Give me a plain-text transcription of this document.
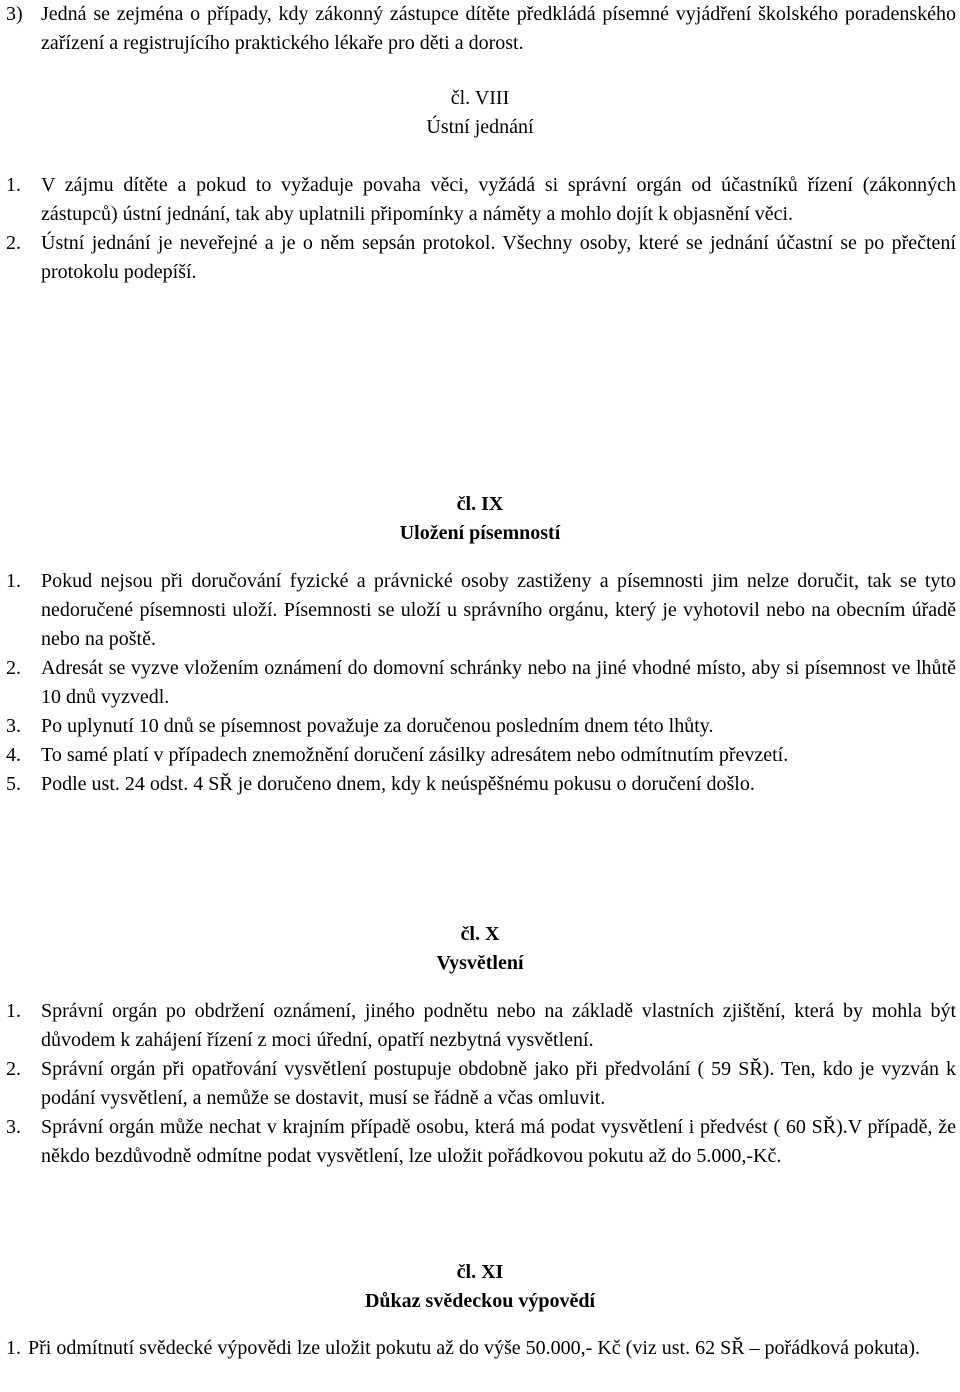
3) Jedná se zejména o případy, kdy zákonný zástupce dítěte předkládá písemné vyjádření školského poradenského zařízení a registrujícího praktického lékaře pro děti a dorost.
čl. VIII
Ústní jednání
1.	V zájmu dítěte a pokud to vyžaduje povaha věci, vyžádá si správní orgán od účastníků řízení (zákonných zástupců) ústní jednání, tak aby uplatnili připomínky a náměty a mohlo dojít k objasnění věci.
2.	Ústní jednání je neveřejné a je o něm sepsán protokol. Všechny osoby, které se jednání účastní se po přečtení protokolu podepíší.
čl. IX
Uložení písemností
1.	Pokud nejsou při doručování fyzické a právnické osoby zastiženy a písemnosti jim nelze doručit, tak se tyto nedoručené písemnosti uloží. Písemnosti se uloží u správního orgánu, který je vyhotovil nebo na obecním úřadě nebo na poště.
2.	Adresát se vyzve vložením oznámení do domovní schránky nebo na jiné vhodné místo, aby si písemnost ve lhůtě 10 dnů vyzvedl.
3.	Po uplynutí 10 dnů se písemnost považuje za doručenou posledním dnem této lhůty.
4.	To samé platí v případech znemožnění doručení zásilky adresátem nebo odmítnutím převzetí.
5.	Podle ust. 24 odst. 4 SŘ je doručeno dnem, kdy k neúspěšnému pokusu o doručení došlo.
čl. X
Vysvětlení
1.	Správní orgán po obdržení oznámení, jiného podnětu nebo na základě vlastních zjištění, která by mohla být důvodem k zahájení řízení z moci úřední, opatří nezbytná vysvětlení.
2.	Správní orgán při opatřování vysvětlení postupuje obdobně jako při předvolání ( 59 SŘ). Ten, kdo je vyzván k podání vysvětlení, a nemůže se dostavit, musí se řádně a včas omluvit.
3.	Správní orgán může nechat v krajním případě osobu, která má podat vysvětlení i předvést ( 60 SŘ).V případě, že někdo bezdůvodně odmítne podat vysvětlení, lze uložit pořádkovou pokutu až do 5.000,-Kč.
čl. XI
Důkaz svědeckou výpovědí
1. Při odmítnutí svědecké výpovědi lze uložit pokutu až do výše 50.000,- Kč (viz ust. 62 SŘ – pořádková pokuta).
